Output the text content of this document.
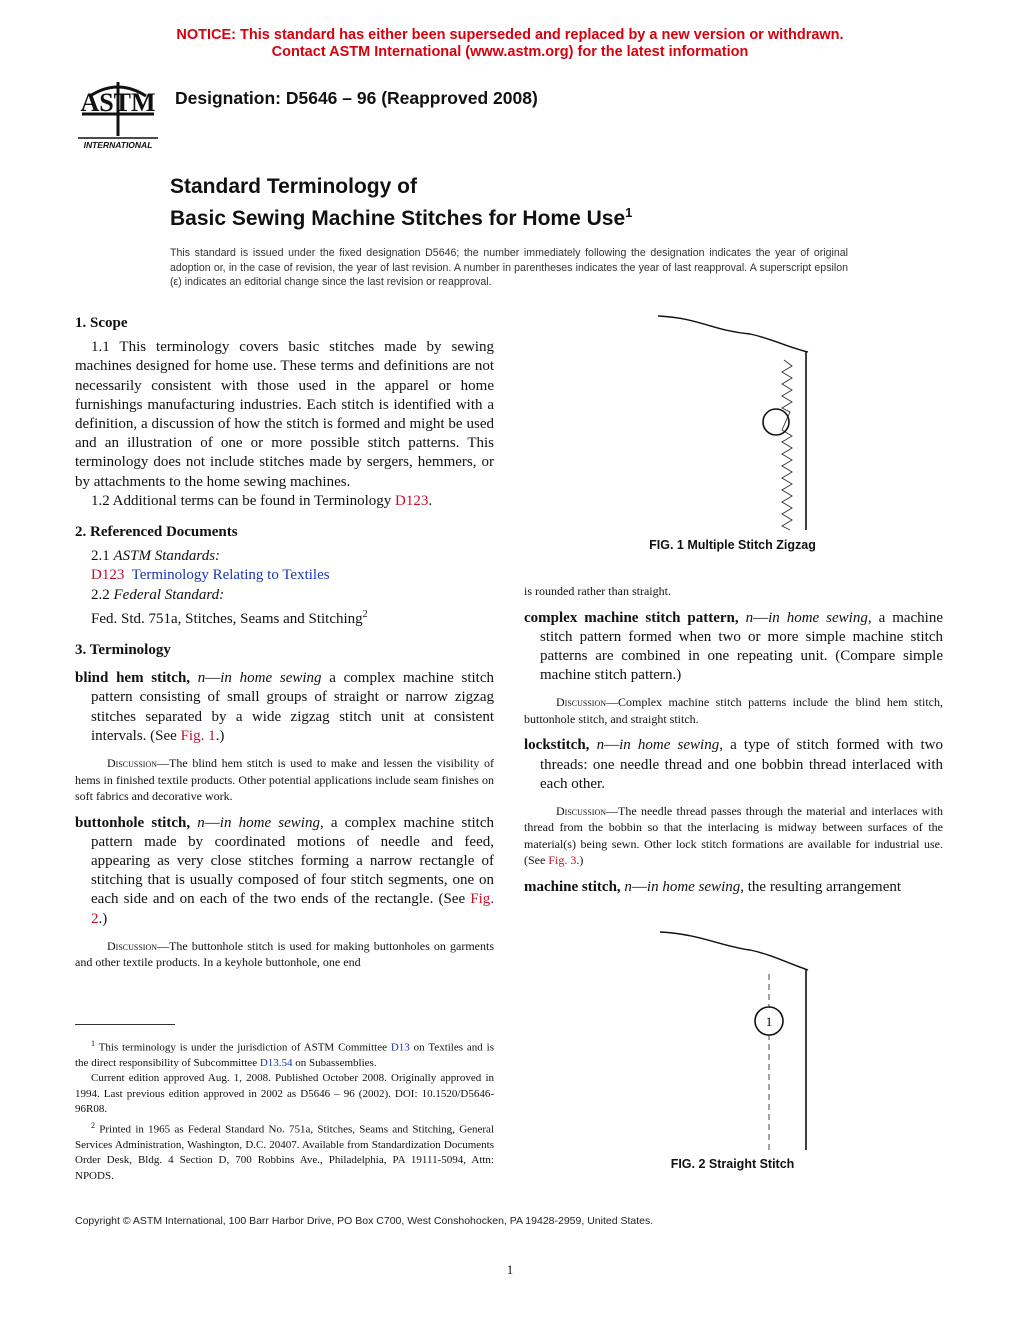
NOTICE: This standard has either been superseded and replaced by a new version or withdrawn.
Contact ASTM International (www.astm.org) for the latest information
ASTM
INTERNATIONAL
Designation: D5646 – 96 (Reapproved 2008)
Standard Terminology of
Basic Sewing Machine Stitches for Home Use$^1$
This standard is issued under the fixed designation D5646; the number immediately following the designation indicates the year of original adoption or, in the case of revision, the year of last revision. A number in parentheses indicates the year of last reapproval. A superscript epsilon (ε) indicates an editorial change since the last revision or reapproval.
1. Scope

1.1 This terminology covers basic stitches made by sewing machines designed for home use. These terms and definitions are not necessarily consistent with those used in the apparel or home furnishings manufacturing industries. Each stitch is identified with a definition, a discussion of how the stitch is formed and might be used and an illustration of one or more possible stitch patterns. This terminology does not include stitches made by sergers, hemmers, or by attachments to the home sewing machines.

1.2 Additional terms can be found in Terminology D123.

2. Referenced Documents

2.1 ASTM Standards:

D123 Terminology Relating to Textiles

2.2 Federal Standard:

Fed. Std. 751a, Stitches, Seams and Stitching$^2$

3. Terminology

blind hem stitch, n—in home sewing a complex machine stitch pattern consisting of small groups of straight or narrow zigzag stitches separated by a wide zigzag stitch unit at consistent intervals. (See Fig. 1.)

Discussion—The blind hem stitch is used to make and lessen the visibility of hems in finished textile products. Other potential applications include seam finishes on soft fabrics and decorative work.

buttonhole stitch, n—in home sewing, a complex machine stitch pattern made by coordinated motions of needle and feed, appearing as very close stitches forming a narrow rectangle of stitching that is usually composed of four stitch segments, one on each side and on each of the two ends of the rectangle. (See Fig. 2.)

Discussion—The buttonhole stitch is used for making buttonholes on garments and other textile products. In a keyhole buttonhole, one end

$^1$ This terminology is under the jurisdiction of ASTM Committee D13 on Textiles and is the direct responsibility of Subcommittee D13.54 on Subassemblies.

Current edition approved Aug. 1, 2008. Published October 2008. Originally approved in 1994. Last previous edition approved in 2002 as D5646 – 96 (2002). DOI: 10.1520/D5646-96R08.

$^2$ Printed in 1965 as Federal Standard No. 751a, Stitches, Seams and Stitching, General Services Administration, Washington, D.C. 20407. Available from Standardization Documents Order Desk, Bldg. 4 Section D, 700 Robbins Ave., Philadelphia, PA 19111-5094, Attn: NPODS.

FIG. 1 Multiple Stitch Zigzag

is rounded rather than straight.

complex machine stitch pattern, n—in home sewing, a machine stitch pattern formed when two or more simple machine stitch patterns are combined in one repeating unit. (Compare simple machine stitch pattern.)

Discussion—Complex machine stitch patterns include the blind hem stitch, buttonhole stitch, and straight stitch.

lockstitch, n—in home sewing, a type of stitch formed with two threads: one needle thread and one bobbin thread interlaced with each other.

Discussion—The needle thread passes through the material and interlaces with thread from the bobbin so that the interlacing is midway between surfaces of the material(s) being sewn. Other lock stitch formations are available for industrial use. (See Fig. 3.)

machine stitch, n—in home sewing, the resulting arrangement

1
FIG. 2 Straight Stitch
Copyright © ASTM International, 100 Barr Harbor Drive, PO Box C700, West Conshohocken, PA 19428-2959, United States.
1
